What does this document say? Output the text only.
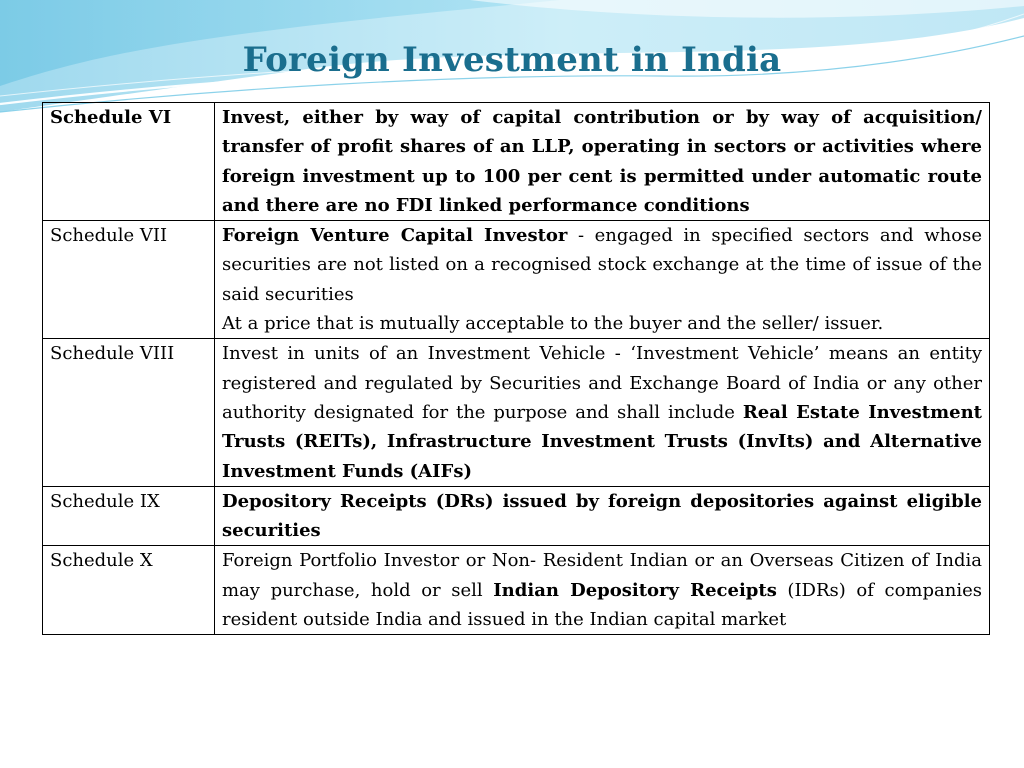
Foreign Investment in India
Schedule VI	Invest, either by way of capital contribution or by way of acquisition/ transfer of profit shares of an LLP, operating in sectors or activities where foreign investment up to 100 per cent is permitted under automatic route and there are no FDI linked performance conditions

Schedule VII	Foreign Venture Capital Investor - engaged in specified sectors and whose securities are not listed on a recognised stock exchange at the time of issue of the said securities
At a price that is mutually acceptable to the buyer and the seller/ issuer.

Schedule VIII	Invest in units of an Investment Vehicle - ‘Investment Vehicle’ means an entity registered and regulated by Securities and Exchange Board of India or any other authority designated for the purpose and shall include Real Estate Investment Trusts (REITs), Infrastructure Investment Trusts (InvIts) and Alternative Investment Funds (AIFs)

Schedule IX	Depository Receipts (DRs) issued by foreign depositories against eligible securities

Schedule X	Foreign Portfolio Investor or Non- Resident Indian or an Overseas Citizen of India may purchase, hold or sell Indian Depository Receipts (IDRs) of companies resident outside India and issued in the Indian capital market
